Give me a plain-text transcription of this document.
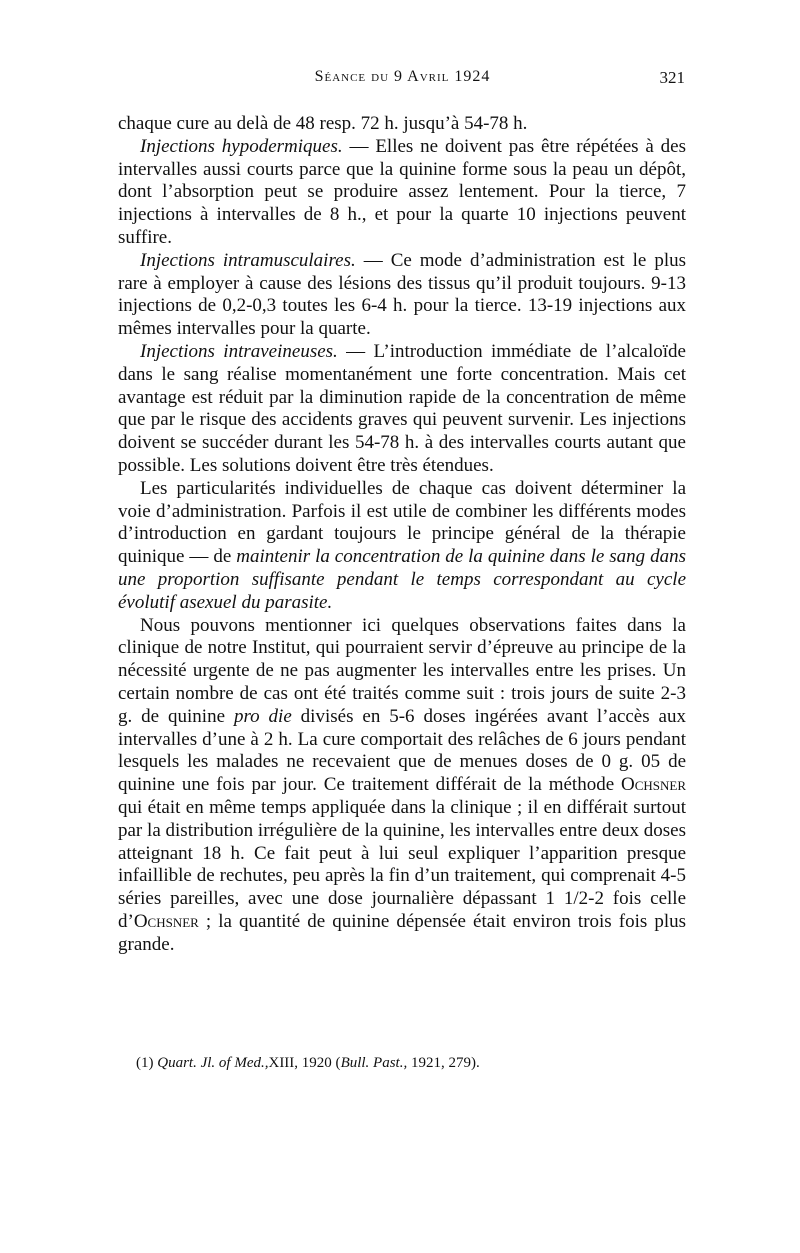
Séance du 9 Avril 1924	321

chaque cure au delà de 48 resp. 72 h. jusqu’à 54-78 h.

Injections hypodermiques. — Elles ne doivent pas être répétées à des intervalles aussi courts parce que la quinine forme sous la peau un dépôt, dont l’absorption peut se produire assez lentement. Pour la tierce, 7 injections à intervalles de 8 h., et pour la quarte 10 injections peuvent suffire.

Injections intramusculaires. — Ce mode d’administration est le plus rare à employer à cause des lésions des tissus qu’il produit toujours. 9-13 injections de 0,2-0,3 toutes les 6-4 h. pour la tierce. 13-19 injections aux mêmes intervalles pour la quarte.

Injections intraveineuses. — L’introduction immédiate de l’alcaloïde dans le sang réalise momentanément une forte concentration. Mais cet avantage est réduit par la diminution rapide de la concentration de même que par le risque des accidents graves qui peuvent survenir. Les injections doivent se succéder durant les 54-78 h. à des intervalles courts autant que possible. Les solutions doivent être très étendues.

Les particularités individuelles de chaque cas doivent déterminer la voie d’administration. Parfois il est utile de combiner les différents modes d’introduction en gardant toujours le principe général de la thérapie quinique — de maintenir la concentration de la quinine dans le sang dans une proportion suffisante pendant le temps correspondant au cycle évolutif asexuel du parasite.

Nous pouvons mentionner ici quelques observations faites dans la clinique de notre Institut, qui pourraient servir d’épreuve au principe de la nécessité urgente de ne pas augmenter les intervalles entre les prises. Un certain nombre de cas ont été traités comme suit : trois jours de suite 2-3 g. de quinine pro die divisés en 5-6 doses ingérées avant l’accès aux intervalles d’une à 2 h. La cure comportait des relâches de 6 jours pendant lesquels les malades ne recevaient que de menues doses de 0 g. 05 de quinine une fois par jour. Ce traitement différait de la méthode Ochsner qui était en même temps appliquée dans la clinique ; il en différait surtout par la distribution irrégulière de la quinine, les intervalles entre deux doses atteignant 18 h. Ce fait peut à lui seul expliquer l’apparition presque infaillible de rechutes, peu après la fin d’un traitement, qui comprenait 4-5 séries pareilles, avec une dose journalière dépassant 1 1/2-2 fois celle d’Ochsner ; la quantité de quinine dépensée était environ trois fois plus grande.

(1) Quart. Jl. of Med.,XIII, 1920 (Bull. Past., 1921, 279).
